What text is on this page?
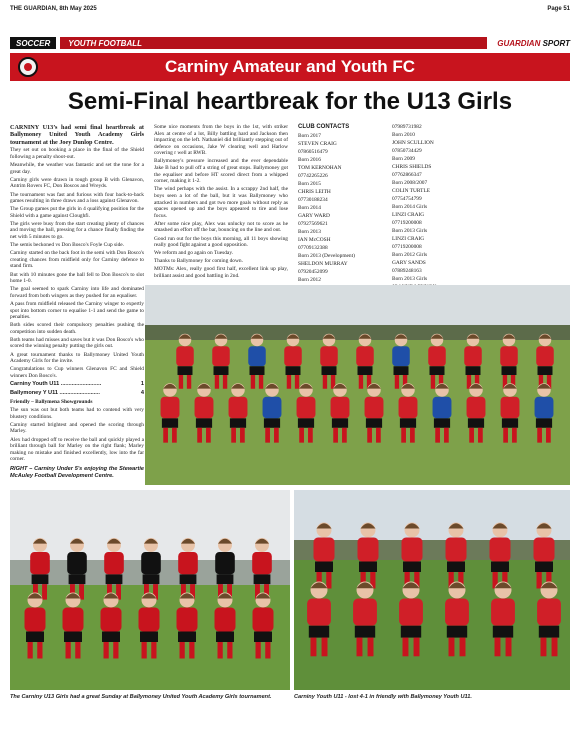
THE GUARDIAN, 8th May 2025	Page 51
SOCCER	YOUTH FOOTBALL	GUARDIAN SPORT
Carniny Amateur and Youth FC
Semi-Final heartbreak for the U13 Girls

CARNINY U13’s had semi final heartbreak at Ballymoney United Youth Academy Girls tournament at the Joey Dunlop Centre.

They set out on booking a place in the final of the Shield following a penalty shoot-out.

Meanwhile, the weather was fantastic and set the tone for a great day.

Carniny girls were drawn in tough group B with Glenavon, Antrim Rovers FC, Don Boscos and Wreyds.

The tournament was fast and furious with four back-to-back games resulting in three draws and a loss against Glenavon.

The Group games put the girls in 4 qualifying position for the Shield with a game against Cloughfi.

The girls were busy from the start creating plenty of chances and moving the ball, pressing for a chance finally finding the net with 5 minutes to go.

The semis beckoned vs Don Bosco's Foyle Cup side.

Carniny started on the back foot in the semi with Don Bosco's creating chances from midfield only for Carniny defence to stand firm.

But with 10 minutes gone the ball fell to Don Bosco's to slot home 1-0.

The goal seemed to spark Carniny into life and dominated forward from both wingers as they pushed for an equaliser.

A pass from midfield released the Carniny winger to expertly spot into bottom corner to equalise 1-1 and send the game to penalties.

Both sides scored their compulsory penalties pushing the competition into sudden death.

Both teams had misses and saves but it was Don Bosco's who scored the winning penalty putting the girls out.

A great tournament thanks to Ballymoney United Youth Academy Girls for the invite.

Congratulations to Cup winners Glenavon FC and Shield winners Don Bosco's.

Carniny Youth U11 ..........................	1
Ballymoney Y U11 ..........................	4

Friendly – Ballymena Showgrounds

The sun was out but both teams had to contend with very blustery conditions.

Carniny started brightest and opened the scoring through Marley.

Alex had dropped off to receive the ball and quickly played a brilliant through ball for Marley on the right flank; Marley making no mistake and finished excellently, low into the far corner.

RIGHT – Carniny Under 5's enjoying the Stewartie McAuley Football Development Centre.

Some nice moments from the boys in the 1st, with striker Alex at centre of a lot, Billy battling hard and Jackson then impacting on the left. Nathaniel did brilliantly stepping out of defence on occasions, Jake W clearing well and Harlow covering r well at RWB.

Ballymoney's pressure increased and the ever dependable Jake B had to pull off a string of great stops. Ballymoney got the equaliser and before HT scored direct from a whipped corner, making it 1-2.

The wind perhaps with the assist. In a scrappy 2nd half, the boys seen a lot of the ball, but it was Ballymoney who attacked in numbers and got two more goals without reply as spaces opened up and the boys appeared to tire and lose focus.

After some nice play, Alex was unlucky not to score as he smashed an effort off the bar, bouncing on the line and out.

Good run out for the boys this morning, all 11 boys showing really good fight against a good opposition.

We reform and go again on Tuesday.

Thanks to Ballymoney for coming down.

MOTMs: Alex, really good first half, excellent link up play, brilliant assist and good battling in 2nd.

CLUB CONTACTS

Born 2017

STEVEN CRAIG

07860516479

Born 2016

TOM KERNOHAN

07742265226

Born 2015

CHRIS LEITH

07730188234

Born 2014

GARY WARD

07927569621

Born 2013

IAN McCOSH

07709132388

Born 2013 (Development)

SHELDON MURRAY

07920452099

Born 2012

07989731982

Born 2010

JOHN SCULLION

07850734429

Born 2009

CHRIS SHIELDS

07762866347

Born 2008/2007

COLIN TURTLE

07754754799

Born 2014 Girls

LINZI CRAIG

07719200008

Born 2013 Girls

LINZI CRAIG

07719200008

Born 2012 Girls

GARY SANDS

07889248163

Born 2013 Girls

The Carniny U13 Girls had a great Sunday at Ballymoney United Youth Academy Girls tournament.	Carniny Youth U11 - lost 4-1 in friendly with Ballymoney Youth U11.
